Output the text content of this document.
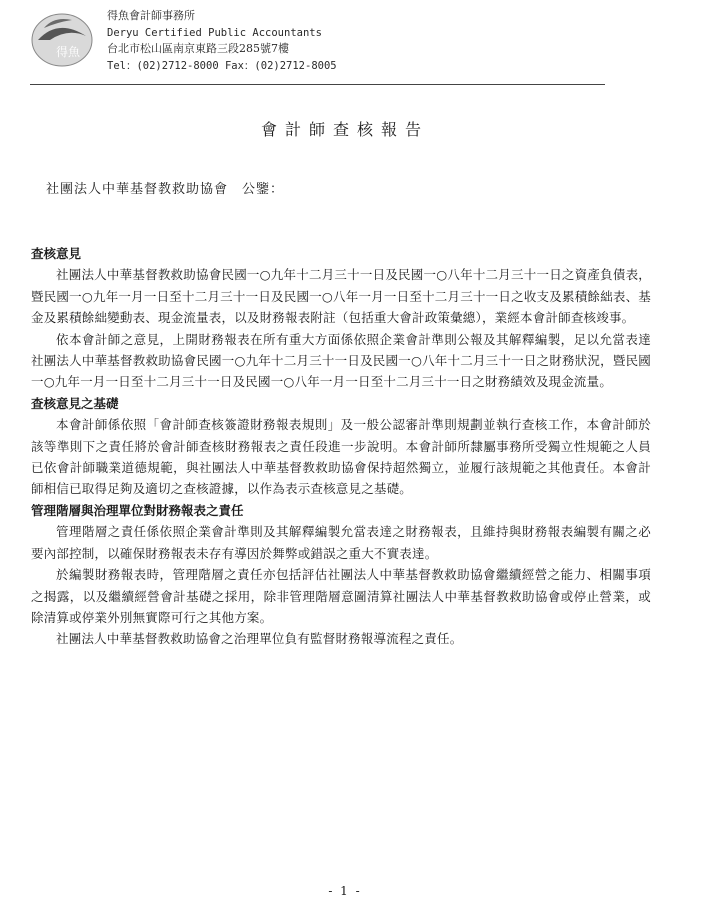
得魚
得魚會計師事務所
Deryu Certified Public Accountants
台北市松山區南京東路三段285號7樓
Tel：(02)2712-8000 Fax：(02)2712-8005
會計師查核報告
社團法人中華基督教救助協會　公鑒：
查核意見

社團法人中華基督教救助協會民國一○九年十二月三十一日及民國一○八年十二月三十一日之資產負債表，暨民國一○九年一月一日至十二月三十一日及民國一○八年一月一日至十二月三十一日之收支及累積餘絀表、基金及累積餘絀變動表、現金流量表，以及財務報表附註（包括重大會計政策彙總），業經本會計師查核竣事。

依本會計師之意見，上開財務報表在所有重大方面係依照企業會計準則公報及其解釋編製，足以允當表達社團法人中華基督教救助協會民國一○九年十二月三十一日及民國一○八年十二月三十一日之財務狀況，暨民國一○九年一月一日至十二月三十一日及民國一○八年一月一日至十二月三十一日之財務績效及現金流量。

查核意見之基礎

本會計師係依照「會計師查核簽證財務報表規則」及一般公認審計準則規劃並執行查核工作，本會計師於該等準則下之責任將於會計師查核財務報表之責任段進一步說明。本會計師所隸屬事務所受獨立性規範之人員已依會計師職業道德規範，與社團法人中華基督教救助協會保持超然獨立，並履行該規範之其他責任。本會計師相信已取得足夠及適切之查核證據，以作為表示查核意見之基礎。

管理階層與治理單位對財務報表之責任

管理階層之責任係依照企業會計準則及其解釋編製允當表達之財務報表，且維持與財務報表編製有關之必要內部控制，以確保財務報表未存有導因於舞弊或錯誤之重大不實表達。

於編製財務報表時，管理階層之責任亦包括評估社團法人中華基督教救助協會繼續經營之能力、相關事項之揭露，以及繼續經營會計基礎之採用，除非管理階層意圖清算社團法人中華基督教救助協會或停止營業，或除清算或停業外別無實際可行之其他方案。

社團法人中華基督教救助協會之治理單位負有監督財務報導流程之責任。

- 1 -
